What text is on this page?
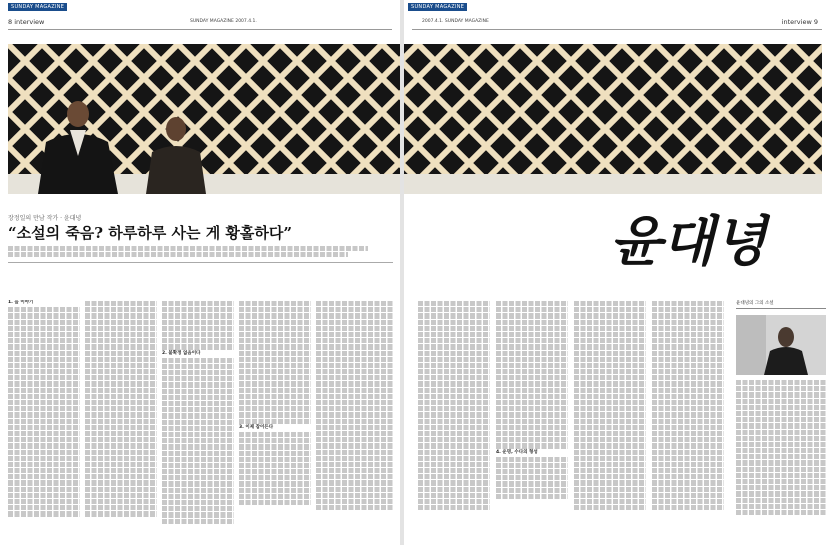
SUNDAY MAGAZINE
8 interview	SUNDAY MAGAZINE 2007.4.1.
장정일의 만남 작가 · 윤대녕
“소설의 죽음? 하루하루 사는 게 황홀하다”
1. 늪 이야기
2. 불확정 없음이다
3. 이제 잠이든다
SUNDAY MAGAZINE
2007.4.1. SUNDAY MAGAZINE	interview 9
윤대녕
4. 운명, 수다의 형성
윤대녕의 그의 소설
